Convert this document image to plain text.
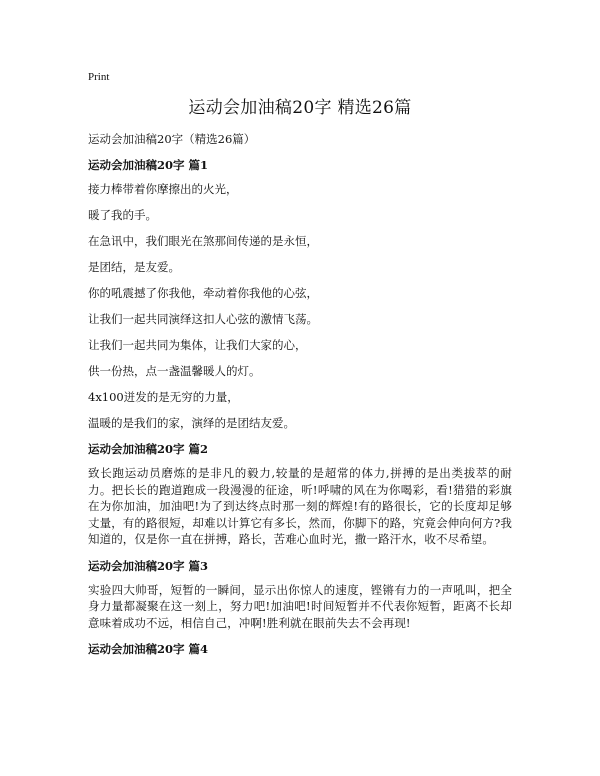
Print
运动会加油稿20字 精选26篇

运动会加油稿20字（精选26篇）

运动会加油稿20字 篇1

接力棒带着你摩擦出的火光，

暖了我的手。

在急讯中，我们眼光在煞那间传递的是永恒，

是团结，是友爱。

你的吼震撼了你我他，牵动着你我他的心弦，

让我们一起共同演绎这扣人心弦的激情飞荡。

让我们一起共同为集体，让我们大家的心，

供一份热，点一盏温馨暖人的灯。

4x100迸发的是无穷的力量，

温暖的是我们的家，演绎的是团结友爱。

运动会加油稿20字 篇2

致长跑运动员磨炼的是非凡的毅力,较量的是超常的体力,拼搏的是出类拔萃的耐力。把长长的跑道跑成一段漫漫的征途，听!呼啸的风在为你喝彩，看!猎猎的彩旗在为你加油，加油吧!为了到达终点时那一刻的辉煌!有的路很长，它的长度却足够丈量，有的路很短，却难以计算它有多长，然而，你脚下的路，究竟会伸向何方?我知道的，仅是你一直在拼搏，路长，苦难心血时光，撒一路汗水，收不尽希望。

运动会加油稿20字 篇3

实验四大帅哥，短暂的一瞬间，显示出你惊人的速度，铿锵有力的一声吼叫，把全身力量都凝聚在这一刻上，努力吧!加油吧!时间短暂并不代表你短暂，距离不长却意味着成功不远，相信自己，冲啊!胜利就在眼前失去不会再现!

运动会加油稿20字 篇4
